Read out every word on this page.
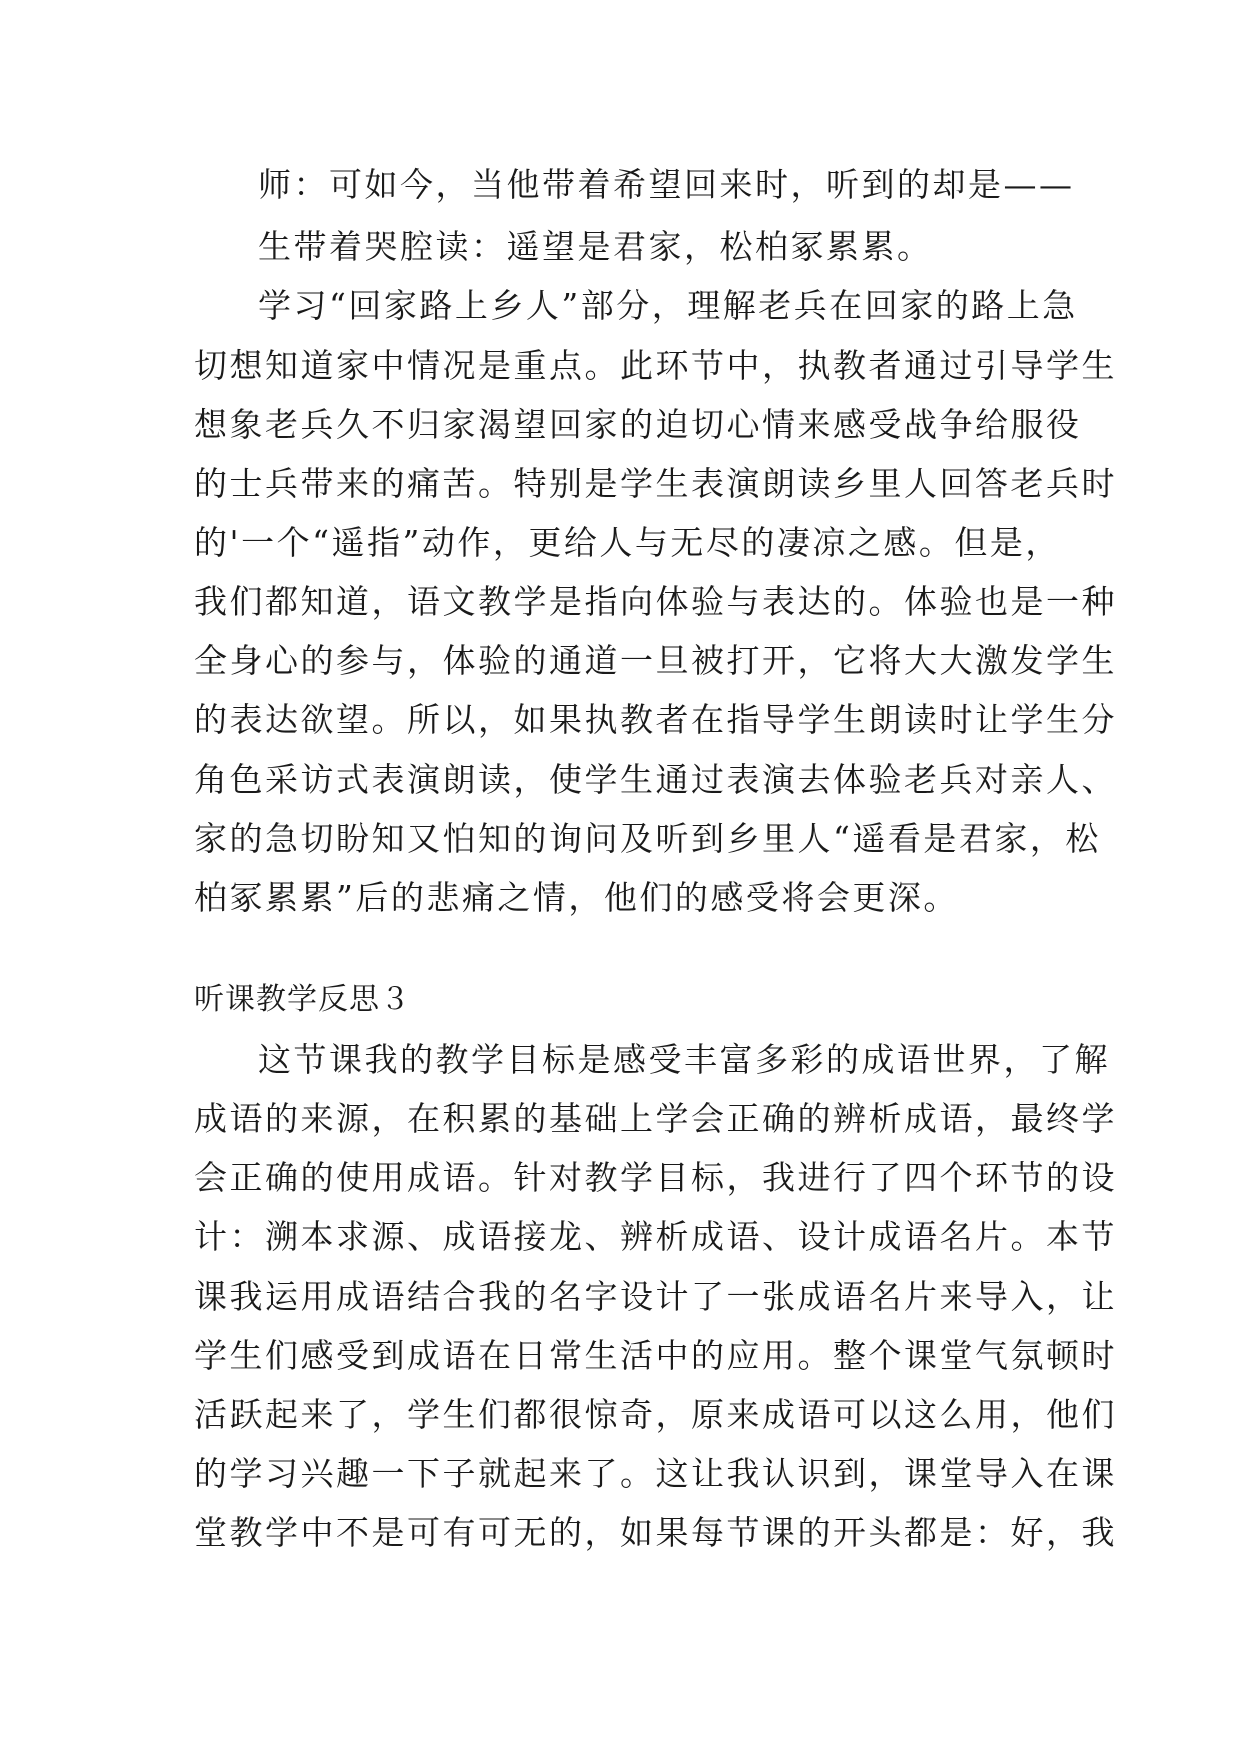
师：可如今，当他带着希望回来时，听到的却是——
生带着哭腔读：遥望是君家，松柏冢累累。
学习“回家路上乡人”部分，理解老兵在回家的路上急
切想知道家中情况是重点。此环节中，执教者通过引导学生
想象老兵久不归家渴望回家的迫切心情来感受战争给服役
的士兵带来的痛苦。特别是学生表演朗读乡里人回答老兵时
的'一个“遥指”动作，更给人与无尽的凄凉之感。但是，
我们都知道，语文教学是指向体验与表达的。体验也是一种
全身心的参与，体验的通道一旦被打开，它将大大激发学生
的表达欲望。所以，如果执教者在指导学生朗读时让学生分
角色采访式表演朗读，使学生通过表演去体验老兵对亲人、
家的急切盼知又怕知的询问及听到乡里人“遥看是君家，松
柏冢累累”后的悲痛之情，他们的感受将会更深。
听课教学反思３
这节课我的教学目标是感受丰富多彩的成语世界，了解
成语的来源，在积累的基础上学会正确的辨析成语，最终学
会正确的使用成语。针对教学目标，我进行了四个环节的设
计：溯本求源、成语接龙、辨析成语、设计成语名片。本节
课我运用成语结合我的名字设计了一张成语名片来导入，让
学生们感受到成语在日常生活中的应用。整个课堂气氛顿时
活跃起来了，学生们都很惊奇，原来成语可以这么用，他们
的学习兴趣一下子就起来了。这让我认识到，课堂导入在课
堂教学中不是可有可无的，如果每节课的开头都是：好，我
